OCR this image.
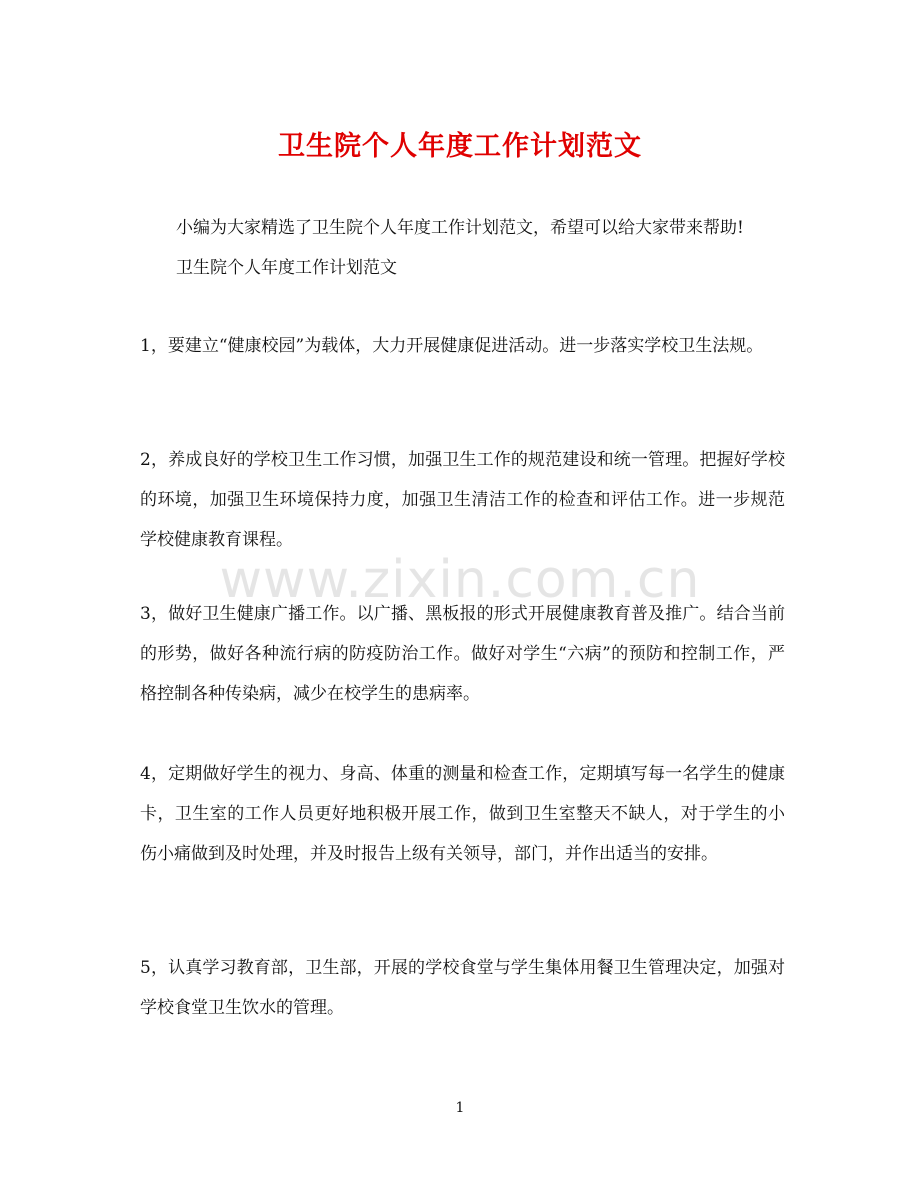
卫生院个人年度工作计划范文

小编为大家精选了卫生院个人年度工作计划范文，希望可以给大家带来帮助!

卫生院个人年度工作计划范文

1，要建立“健康校园”为载体，大力开展健康促进活动。进一步落实学校卫生法规。

2，养成良好的学校卫生工作习惯，加强卫生工作的规范建设和统一管理。把握好学校的环境，加强卫生环境保持力度，加强卫生清洁工作的检查和评估工作。进一步规范学校健康教育课程。

3，做好卫生健康广播工作。以广播、黑板报的形式开展健康教育普及推广。结合当前的形势，做好各种流行病的防疫防治工作。做好对学生“六病”的预防和控制工作，严格控制各种传染病，减少在校学生的患病率。

4，定期做好学生的视力、身高、体重的测量和检查工作，定期填写每一名学生的健康卡，卫生室的工作人员更好地积极开展工作，做到卫生室整天不缺人，对于学生的小伤小痛做到及时处理，并及时报告上级有关领导，部门，并作出适当的安排。

5，认真学习教育部，卫生部，开展的学校食堂与学生集体用餐卫生管理决定，加强对学校食堂卫生饮水的管理。

www.zixin.com.cn
1
